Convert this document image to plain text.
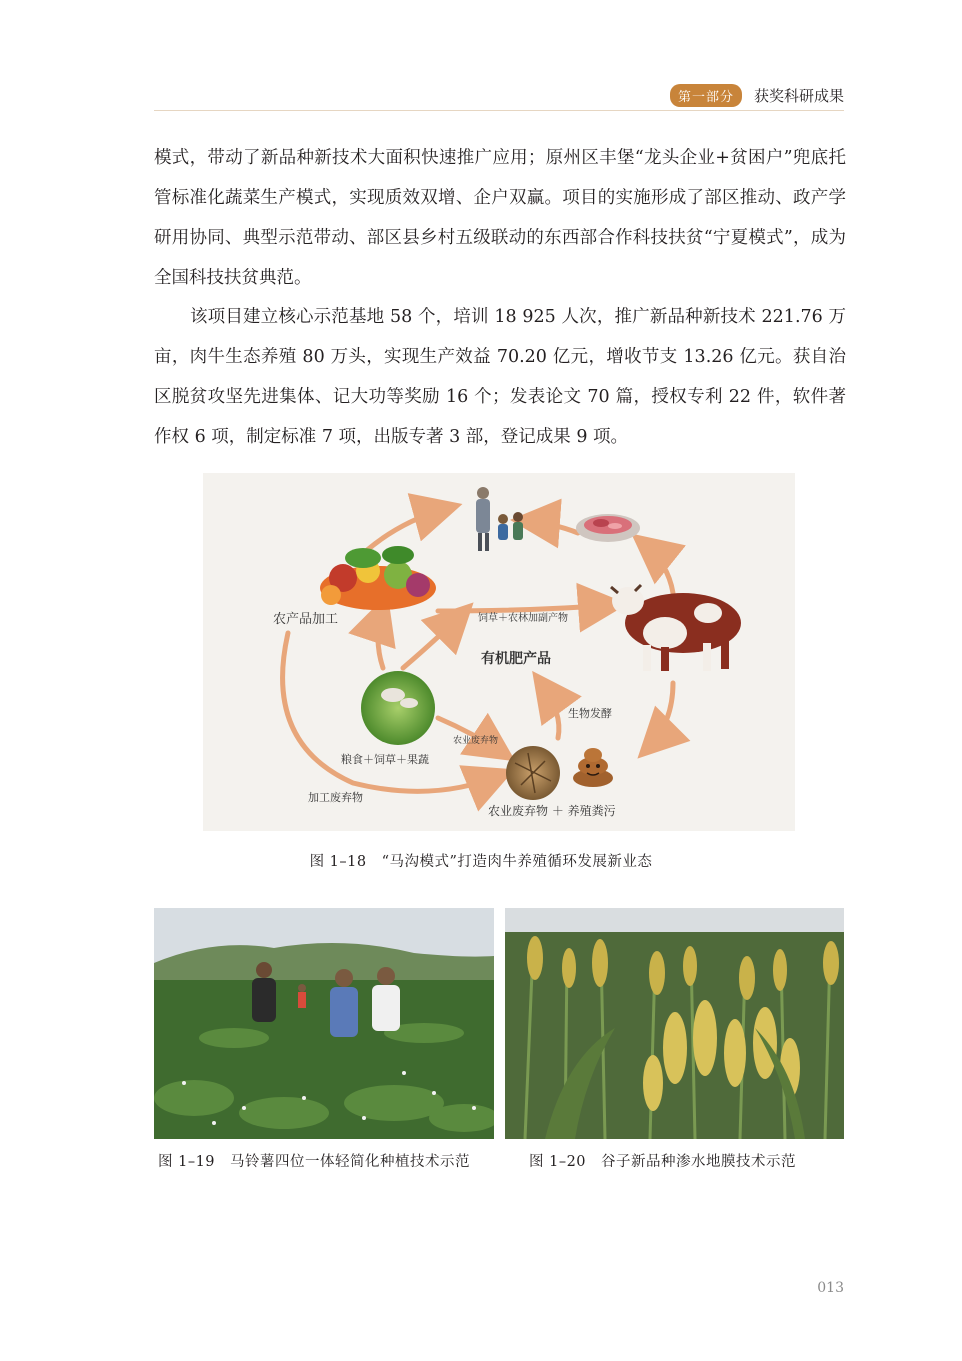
第一部分	获奖科研成果

模式，带动了新品种新技术大面积快速推广应用；原州区丰堡“龙头企业+贫困户”兜底托管标准化蔬菜生产模式，实现质效双增、企户双赢。项目的实施形成了部区推动、政产学研用协同、典型示范带动、部区县乡村五级联动的东西部合作科技扶贫“宁夏模式”，成为全国科技扶贫典范。

该项目建立核心示范基地 58 个，培训 18 925 人次，推广新品种新技术 221.76 万亩，肉牛生态养殖 80 万头，实现生产效益 70.20 亿元，增收节支 13.26 亿元。获自治区脱贫攻坚先进集体、记大功等奖励 16 个；发表论文 70 篇，授权专利 22 件，软件著作权 6 项，制定标准 7 项，出版专著 3 部，登记成果 9 项。

农产品加工	饲草＋农林加副产物
有机肥产品
生物发酵
农业废弃物
粮食＋饲草＋果蔬
加工废弃物
农业废弃物 ＋ 养殖粪污
图 1–18　“马沟模式”打造肉牛养殖循环发展新业态
图 1–19　马铃薯四位一体轻简化种植技术示范	图 1–20　谷子新品种渗水地膜技术示范
013
